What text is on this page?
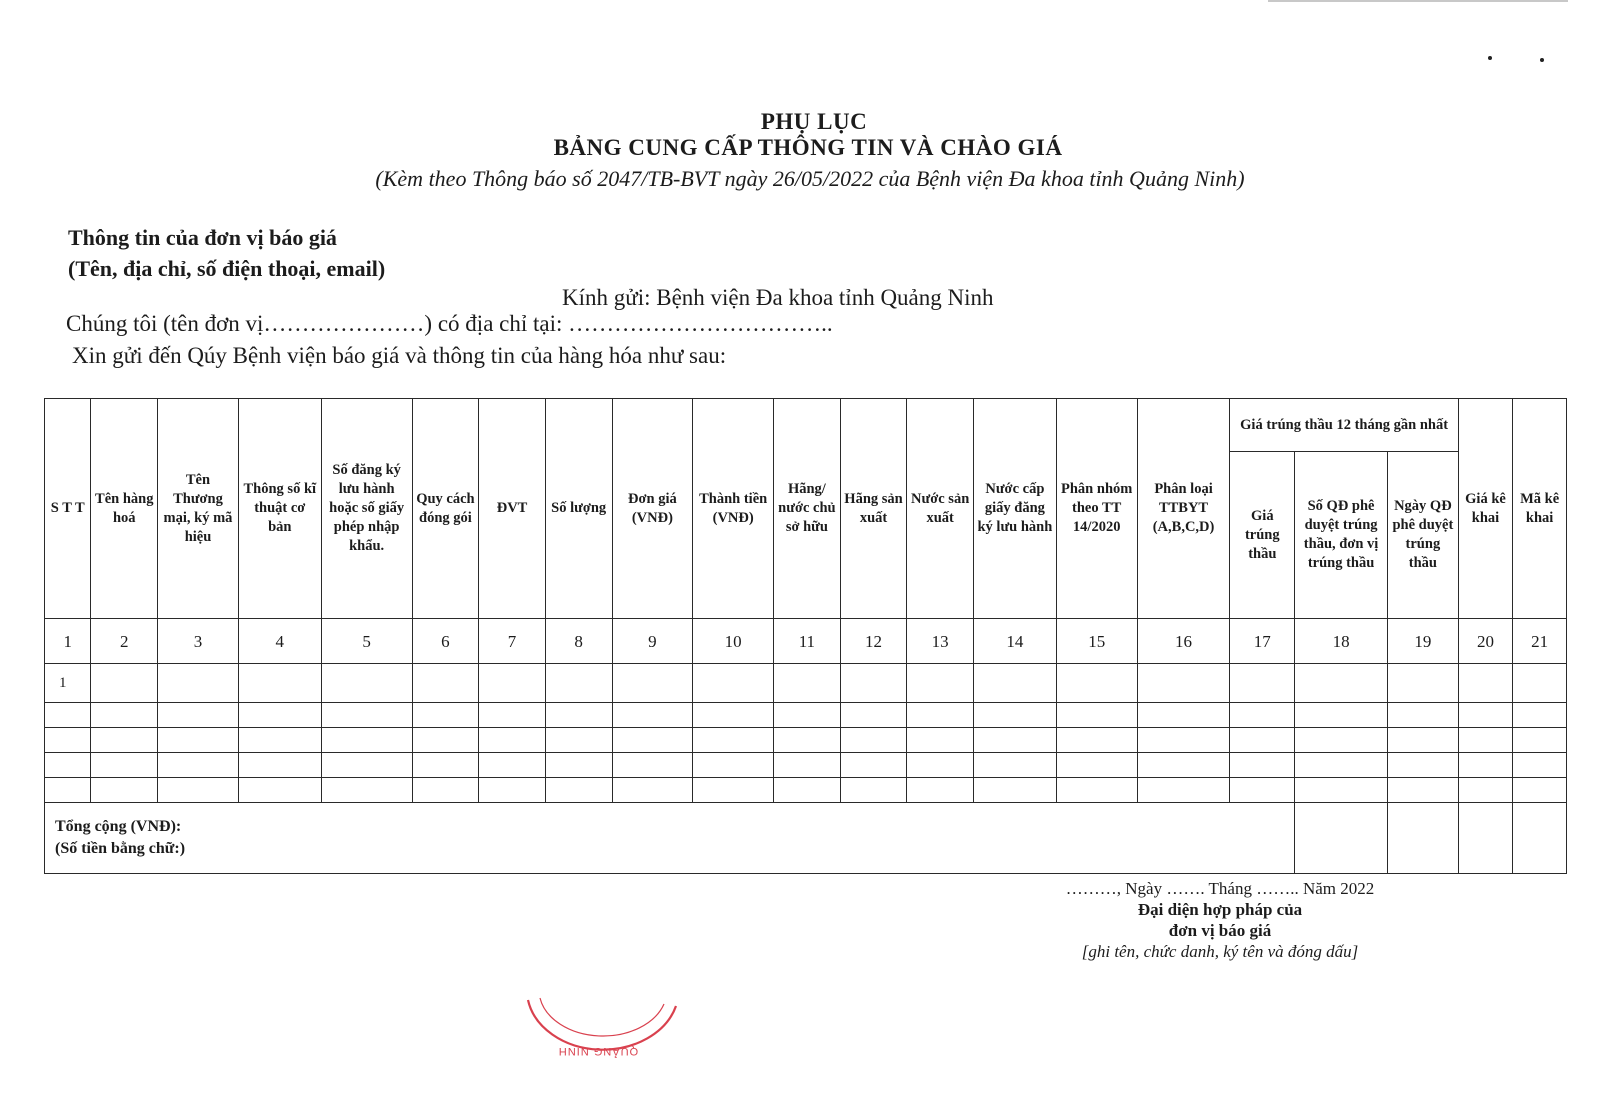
PHỤ LỤC
BẢNG CUNG CẤP THÔNG TIN VÀ CHÀO GIÁ
(Kèm theo Thông báo số 2047/TB-BVT ngày 26/05/2022 của Bệnh viện Đa khoa tỉnh Quảng Ninh)
Thông tin của đơn vị báo giá
(Tên, địa chỉ, số điện thoại, email)
Kính gửi: Bệnh viện Đa khoa tỉnh Quảng Ninh
Chúng tôi (tên đơn vị…………………) có địa chỉ tại: ……………………………..
Xin gửi đến Qúy Bệnh viện báo giá và thông tin của hàng hóa như sau:
S T T	Tên hàng hoá	Tên Thương mại, ký mã hiệu	Thông số kĩ thuật cơ bản	Số đăng ký lưu hành hoặc số giấy phép nhập khẩu.	Quy cách đóng gói	ĐVT	Số lượng	Đơn giá (VNĐ)	Thành tiền (VNĐ)	Hãng/ nước chủ sở hữu	Hãng sản xuất	Nước sản xuất	Nước cấp giấy đăng ký lưu hành	Phân nhóm theo TT 14/2020	Phân loại TTBYT (A,B,C,D)	Giá trúng thầu 12 tháng gần nhất			Giá kê khai	Mã kê khai
																Giá trúng thầu	Số QĐ phê duyệt trúng thầu, đơn vị trúng thầu	Ngày QĐ phê duyệt trúng thầu		
1	2	3	4	5	6	7	8	9	10	11	12	13	14	15	16	17	18	19	20	21
1																				

Tổng cộng (VNĐ):
(Số tiền bằng chữ:)																				

………, Ngày ……. Tháng …….. Năm 2022
Đại diện hợp pháp của
đơn vị báo giá
[ghi tên, chức danh, ký tên và đóng dấu]
QUẢNG NINH
